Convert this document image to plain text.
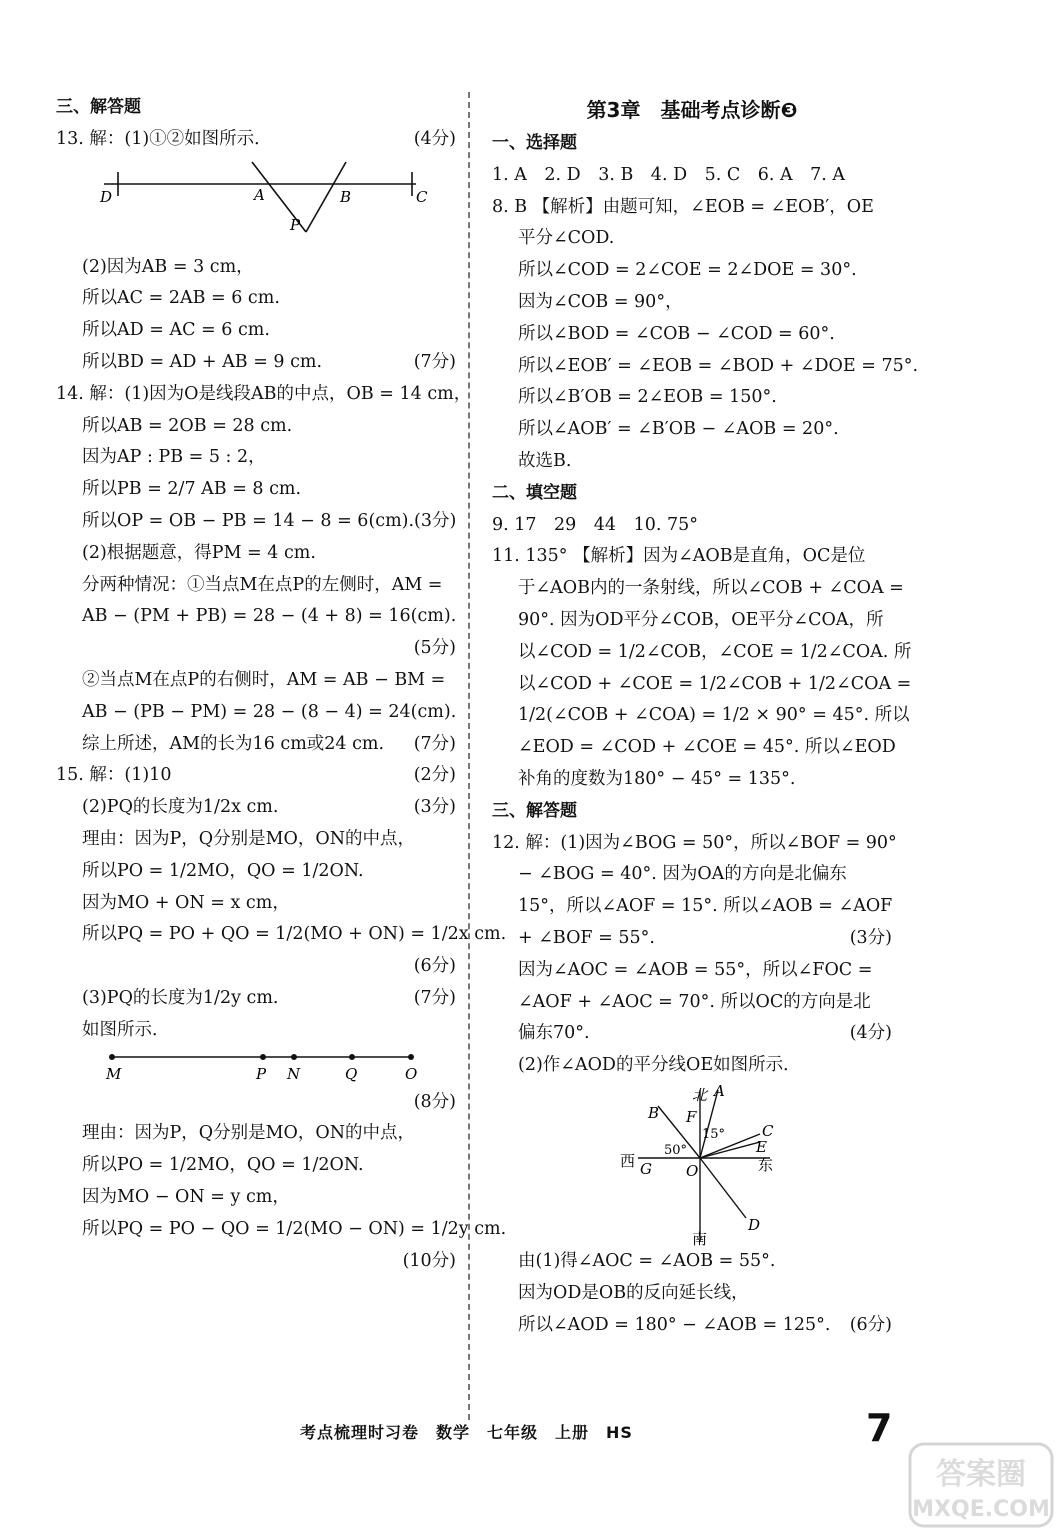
三、解答题
13. 解：(1)①②如图所示．	(4分)
D	A	B	C
P
(2)因为AB = 3 cm，
所以AC = 2AB = 6 cm.
所以AD = AC = 6 cm.
所以BD = AD + AB = 9 cm.	(7分)
14. 解：(1)因为O是线段AB的中点，OB = 14 cm，
所以AB = 2OB = 28 cm.
因为AP : PB = 5 : 2，
所以PB = 2/7 AB = 8 cm.
所以OP = OB − PB = 14 − 8 = 6(cm).(3分)
(2)根据题意，得PM = 4 cm.
分两种情况：①当点M在点P的左侧时，AM =
AB − (PM + PB) = 28 − (4 + 8) = 16(cm).
(5分)
②当点M在点P的右侧时，AM = AB − BM =
AB − (PB − PM) = 28 − (8 − 4) = 24(cm).
综上所述，AM的长为16 cm或24 cm. (7分)
15. 解：(1)10	(2分)
(2)PQ的长度为1/2x cm.	(3分)
理由：因为P，Q分别是MO，ON的中点，
所以PO = 1/2MO，QO = 1/2ON.
因为MO + ON = x cm，
所以PQ = PO + QO = 1/2(MO + ON) = 1/2x cm.
(6分)
(3)PQ的长度为1/2y cm.	(7分)
如图所示．
M	P N	Q	O
(8分)
理由：因为P，Q分别是MO，ON的中点，
所以PO = 1/2MO，QO = 1/2ON.
因为MO − ON = y cm，
所以PQ = PO − QO = 1/2(MO − ON) = 1/2y cm.
(10分)
第3章　基础考点诊断❸
一、选择题
1. A　2. D　3. B　4. D　5. C　6. A　7. A
8. B 【解析】由题可知，∠EOB = ∠EOB′，OE
平分∠COD.
所以∠COD = 2∠COE = 2∠DOE = 30°.
因为∠COB = 90°，
所以∠BOD = ∠COB − ∠COD = 60°.
所以∠EOB′ = ∠EOB = ∠BOD + ∠DOE = 75°.
所以∠B′OB = 2∠EOB = 150°.
所以∠AOB′ = ∠B′OB − ∠AOB = 20°.
故选B.
二、填空题
9. 17　29　44　10. 75°
11. 135° 【解析】因为∠AOB是直角，OC是位
于∠AOB内的一条射线，所以∠COB + ∠COA =
90°. 因为OD平分∠COB，OE平分∠COA，所
以∠COD = 1/2∠COB，∠COE = 1/2∠COA. 所
以∠COD + ∠COE = 1/2∠COB + 1/2∠COA =
1/2(∠COB + ∠COA) = 1/2 × 90° = 45°. 所以
∠EOD = ∠COD + ∠COE = 45°. 所以∠EOD
补角的度数为180° − 45° = 135°.
三、解答题
12. 解：(1)因为∠BOG = 50°，所以∠BOF = 90°
− ∠BOG = 40°. 因为OA的方向是北偏东
15°，所以∠AOF = 15°. 所以∠AOB = ∠AOF
+ ∠BOF = 55°.	(3分)
因为∠AOC = ∠AOB = 55°，所以∠FOC =
∠AOF + ∠AOC = 70°. 所以OC的方向是北
偏东70°.	(4分)
(2)作∠AOD的平分线OE如图所示．
北 A
B F
15° C
50°	E
西 G O	东
D
南
由(1)得∠AOC = ∠AOB = 55°.
因为OD是OB的反向延长线，
所以∠AOD = 180° − ∠AOB = 125°. (6分)
考点梳理时习卷　数学　七年级　上册　HS	7
答案圈
MXQE.COM
